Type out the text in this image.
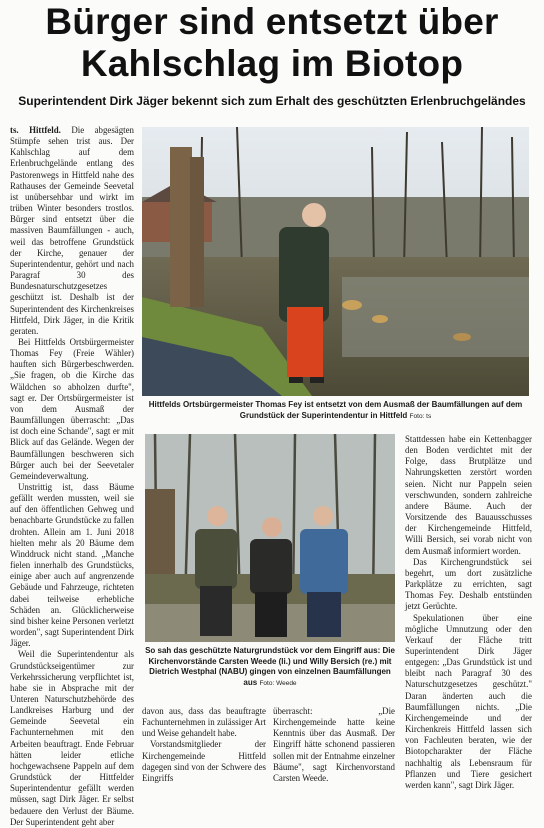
Bürger sind entsetzt über
Kahlschlag im Biotop
Superintendent Dirk Jäger bekennt sich zum Erhalt des geschützten Erlenbruchgeländes

ts. Hittfeld. Die abgesägten Stümpfe sehen trist aus. Der Kahlschlag auf dem Erlenbruchgelände entlang des Pastorenwegs in Hittfeld nahe des Rathauses der Gemeinde Seevetal ist unübersehbar und wirkt im trüben Winter besonders trostlos. Bürger sind entsetzt über die massiven Baumfällungen - auch, weil das betroffene Grundstück der Kirche, genauer der Superintendentur, gehört und nach Paragraf 30 des Bundesnaturschutzgesetzes geschützt ist. Deshalb ist der Superintendent des Kirchenkreises Hittfeld, Dirk Jäger, in die Kritik geraten.

Bei Hittfelds Ortsbürgermeister Thomas Fey (Freie Wähler) hauften sich Bürgerbeschwerden. „Sie fragen, ob die Kirche das Wäldchen so abholzen durfte", sagt er. Der Ortsbürgermeister ist von dem Ausmaß der Baumfällungen überrascht: „Das ist doch eine Schande", sagt er mit Blick auf das Gelände. Wegen der Baumfällungen beschweren sich Bürger auch bei der Seevetaler Gemeindeverwaltung.

Unstrittig ist, dass Bäume gefällt werden mussten, weil sie auf den öffentlichen Gehweg und benachbarte Grundstücke zu fallen drohten. Allein am 1. Juni 2018 hielten mehr als 20 Bäume dem Winddruck nicht stand. „Manche fielen innerhalb des Grundstücks, einige aber auch auf angrenzende Gebäude und Fahrzeuge, richteten dabei teilweise erhebliche Schäden an. Glücklicherweise sind bisher keine Personen verletzt worden", sagt Superintendent Dirk Jäger.

Weil die Superintendentur als Grundstückseigentümer zur Verkehrssicherung verpflichtet ist, habe sie in Absprache mit der Unteren Naturschutzbehörde des Landkreises Harburg und der Gemeinde Seevetal ein Fachunternehmen mit den Arbeiten beauftragt. Ende Februar hätten leider etliche hochgewachsene Pappeln auf dem Grundstück der Hittfelder Superintendentur gefällt werden müssen, sagt Dirk Jäger. Er selbst bedauere den Verlust der Bäume. Der Superintendent geht aber

Hittfelds Ortsbürgermeister Thomas Fey ist entsetzt von dem Ausmaß der Baumfällungen auf dem Grundstück der Superintendentur in Hittfeld Foto: ts
So sah das geschützte Naturgrundstück vor dem Eingriff aus: Die Kirchenvorstände Carsten Weede (li.) und Willy Bersich (re.) mit Dietrich Westphal (NABU) gingen von einzelnen Baumfällungen aus Foto: Weede

davon aus, dass das beauftragte Fachunternehmen in zulässiger Art und Weise gehandelt habe.

Vorstandsmitglieder der Kirchengemeinde Hittfeld dagegen sind von der Schwere des Eingriffs

überrascht: „Die Kirchengemeinde hatte keine Kenntnis über das Ausmaß. Der Eingriff hätte schonend passieren sollen mit der Entnahme einzelner Bäume", sagt Kirchenvorstand Carsten Weede.

Stattdessen habe ein Kettenbagger den Boden verdichtet mit der Folge, dass Brutplätze und Nahrungsketten zerstört worden seien. Nicht nur Pappeln seien verschwunden, sondern zahlreiche andere Bäume. Auch der Vorsitzende des Bauausschusses der Kirchengemeinde Hittfeld, Willi Bersich, sei vorab nicht von dem Ausmaß informiert worden.

Das Kirchengrundstück sei begehrt, um dort zusätzliche Parkplätze zu errichten, sagt Thomas Fey. Deshalb entstünden jetzt Gerüchte.

Spekulationen über eine mögliche Umnutzung oder den Verkauf der Fläche tritt Superintendent Dirk Jäger entgegen: „Das Grundstück ist und bleibt nach Paragraf 30 des Naturschutzgesetzes geschützt." Daran änderten auch die Baumfällungen nichts. „Die Kirchengemeinde und der Kirchenkreis Hittfeld lassen sich von Fachleuten beraten, wie der Biotopcharakter der Fläche nachhaltig als Lebensraum für Pflanzen und Tiere gesichert werden kann", sagt Dirk Jäger.
